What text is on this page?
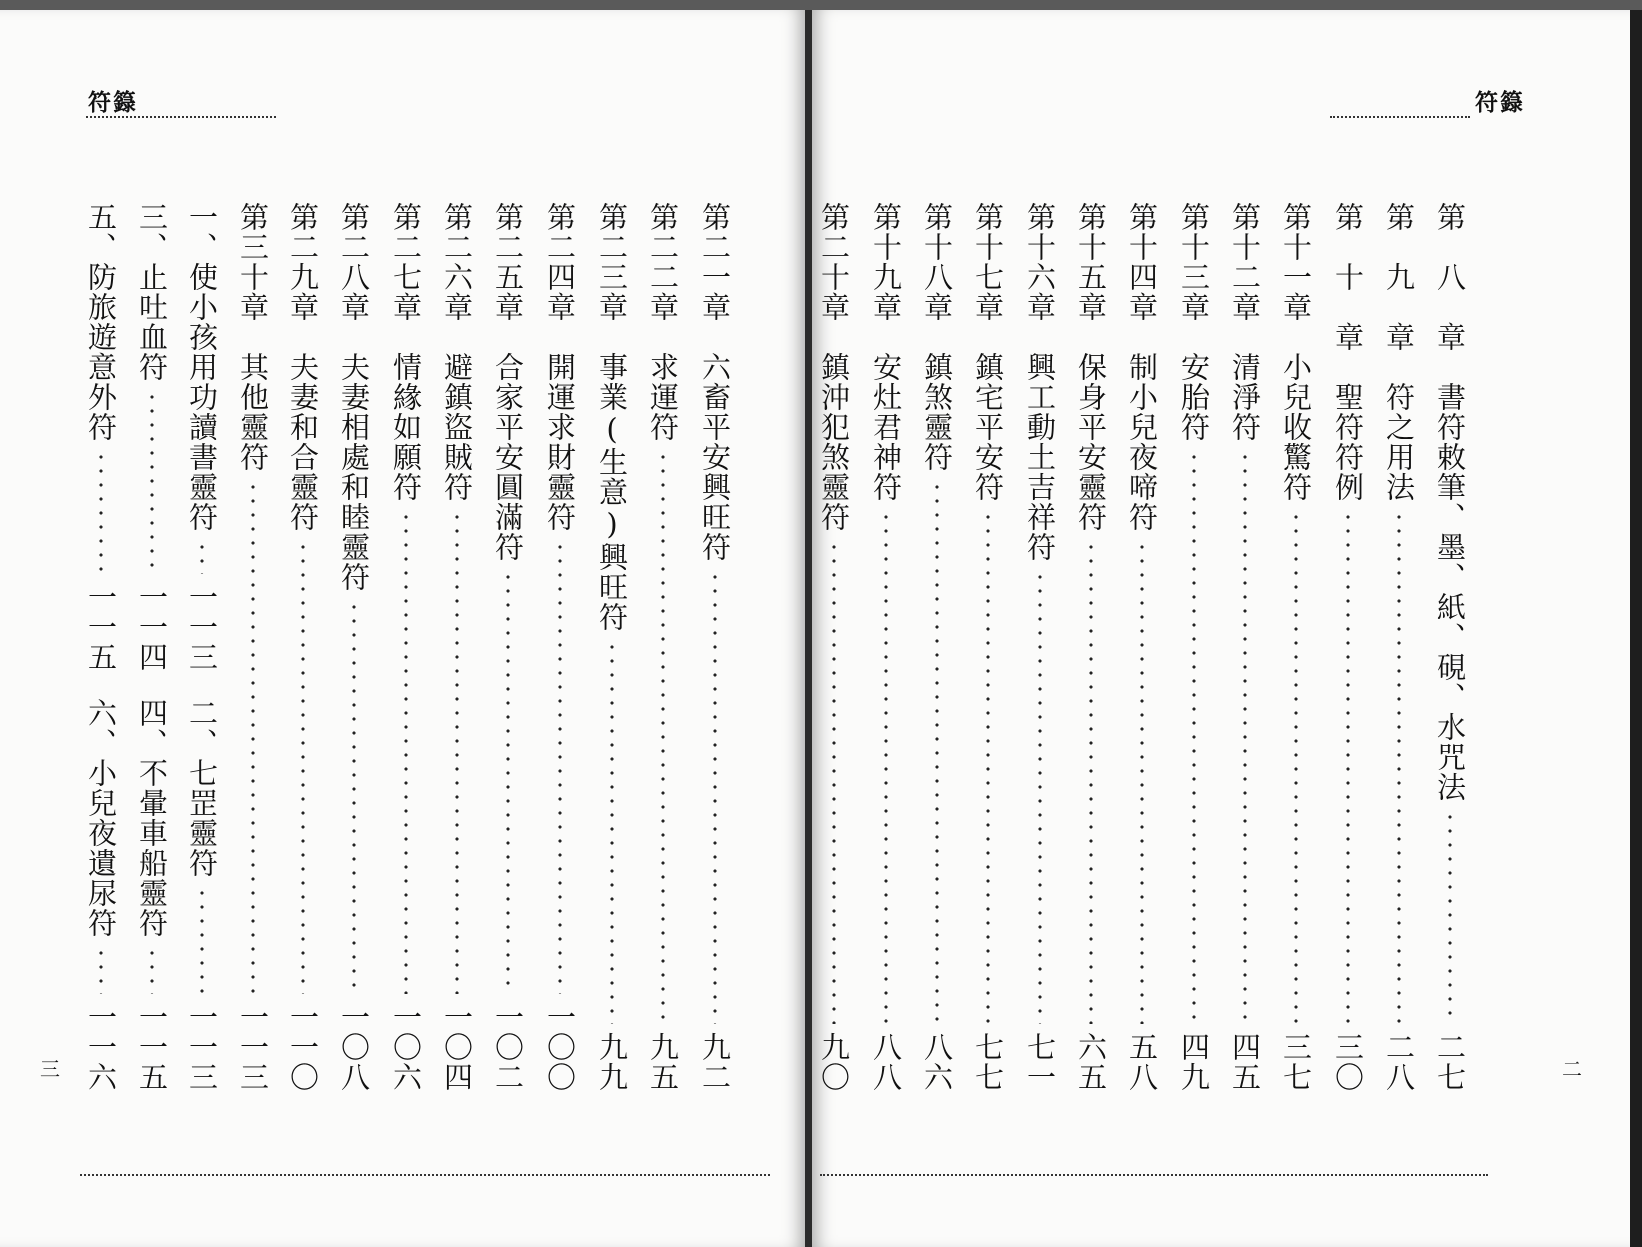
符籙
第二一章　六畜平安興旺符
九二
第二二章　求運符
九五
第二三章　事業(生意)興旺符
九九
第二四章　開運求財靈符
一〇〇
第二五章　合家平安圓滿符
一〇二
第二六章　避鎮盜賊符
一〇四
第二七章　情緣如願符
一〇六
第二八章　夫妻相處和睦靈符
一〇八
第二九章　夫妻和合靈符
一一〇
第三十章　其他靈符
一一三
一、使小孩用功讀書靈符
一一三
二、七罡靈符
一一三
三、止吐血符
一一四
四、不暈車船靈符
一一五
五、防旅遊意外符
一一五
六、小兒夜遺尿符
一一六
三
符籙
第　八　章　書符敕筆、墨、紙、硯、水咒法
二七
第　九　章　符之用法
二八
第　十　章　聖符符例
三〇
第十一章　小兒收驚符
三七
第十二章　清淨符
四五
第十三章　安胎符
四九
第十四章　制小兒夜啼符
五八
第十五章　保身平安靈符
六五
第十六章　興工動土吉祥符
七一
第十七章　鎮宅平安符
七七
第十八章　鎮煞靈符
八六
第十九章　安灶君神符
八八
第二十章　鎮沖犯煞靈符
九〇	二
